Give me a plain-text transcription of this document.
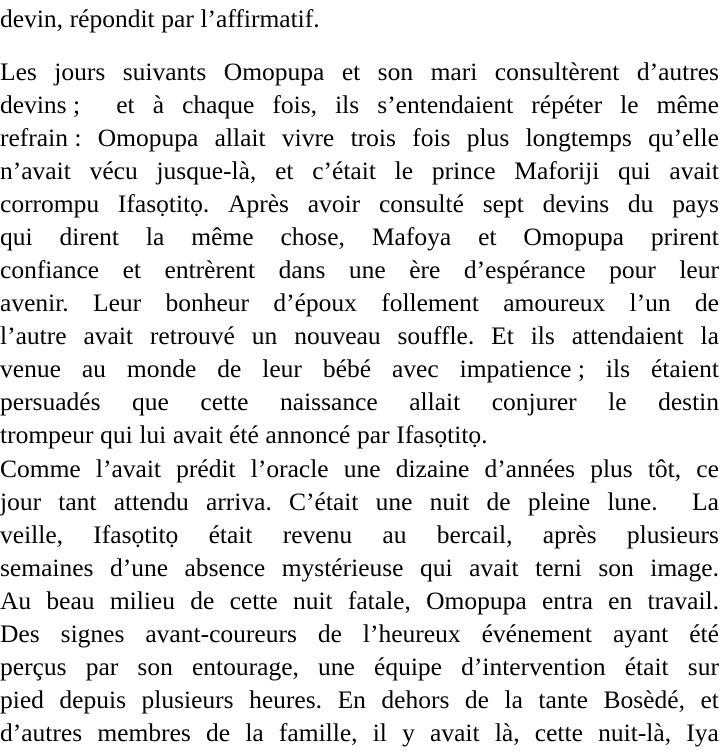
devin, répondit par l’affirmatif.
Les jours suivants Omopupa et son mari consultèrent d’autres
devins ; et à chaque fois, ils s’entendaient répéter le même
refrain : Omopupa allait vivre trois fois plus longtemps qu’elle
n’avait vécu jusque-là, et c’était le prince Maforiji qui avait
corrompu Ifasọtitọ. Après avoir consulté sept devins du pays
qui dirent la même chose, Mafoya et Omopupa prirent
confiance et entrèrent dans une ère d’espérance pour leur
avenir. Leur bonheur d’époux follement amoureux l’un de
l’autre avait retrouvé un nouveau souffle. Et ils attendaient la
venue au monde de leur bébé avec impatience ; ils étaient
persuadés que cette naissance allait conjurer le destin
trompeur qui lui avait été annoncé par Ifasọtitọ.
Comme l’avait prédit l’oracle une dizaine d’années plus tôt, ce
jour tant attendu arriva. C’était une nuit de pleine lune. La
veille, Ifasọtitọ était revenu au bercail, après plusieurs
semaines d’une absence mystérieuse qui avait terni son image.
Au beau milieu de cette nuit fatale, Omopupa entra en travail.
Des signes avant-coureurs de l’heureux événement ayant été
perçus par son entourage, une équipe d’intervention était sur
pied depuis plusieurs heures. En dehors de la tante Bosèdé, et
d’autres membres de la famille, il y avait là, cette nuit-là, Iya
